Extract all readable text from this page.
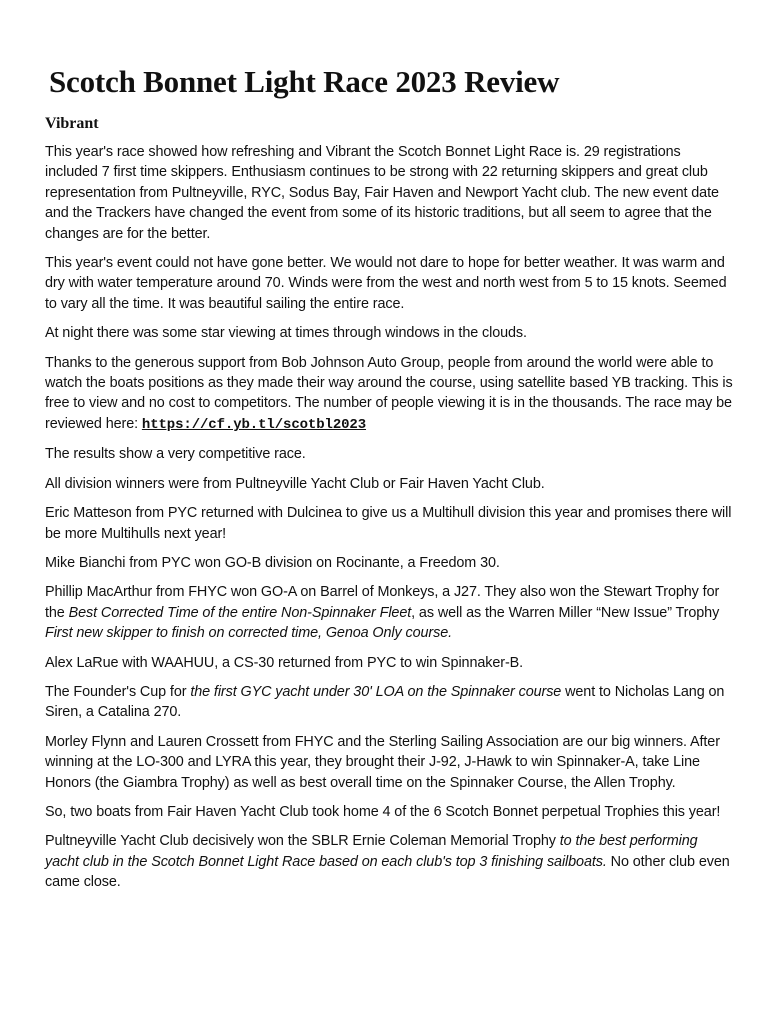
Scotch Bonnet Light Race 2023 Review
Vibrant

This year's race showed how refreshing and Vibrant the Scotch Bonnet Light Race is. 29 registrations included 7 first time skippers. Enthusiasm continues to be strong with 22 returning skippers and great club representation from Pultneyville, RYC, Sodus Bay, Fair Haven and Newport Yacht club. The new event date and the Trackers have changed the event from some of its historic traditions, but all seem to agree that the changes are for the better.

This year's event could not have gone better. We would not dare to hope for better weather. It was warm and dry with water temperature around 70. Winds were from the west and north west from 5 to 15 knots. Seemed to vary all the time. It was beautiful sailing the entire race.

At night there was some star viewing at times through windows in the clouds.

Thanks to the generous support from Bob Johnson Auto Group, people from around the world were able to watch the boats positions as they made their way around the course, using satellite based YB tracking. This is free to view and no cost to competitors. The number of people viewing it is in the thousands. The race may be reviewed here: https://cf.yb.tl/scotbl2023

The results show a very competitive race.

All division winners were from Pultneyville Yacht Club or Fair Haven Yacht Club.

Eric Matteson from PYC returned with Dulcinea to give us a Multihull division this year and promises there will be more Multihulls next year!

Mike Bianchi from PYC won GO-B division on Rocinante, a Freedom 30.

Phillip MacArthur from FHYC won GO-A on Barrel of Monkeys, a J27. They also won the Stewart Trophy for the Best Corrected Time of the entire Non-Spinnaker Fleet, as well as the Warren Miller “New Issue” Trophy First new skipper to finish on corrected time, Genoa Only course.

Alex LaRue with WAAHUU, a CS-30 returned from PYC to win Spinnaker-B.

The Founder's Cup for the first GYC yacht under 30' LOA on the Spinnaker course went to Nicholas Lang on Siren, a Catalina 270.

Morley Flynn and Lauren Crossett from FHYC and the Sterling Sailing Association are our big winners. After winning at the LO-300 and LYRA this year, they brought their J-92, J-Hawk to win Spinnaker-A, take Line Honors (the Giambra Trophy) as well as best overall time on the Spinnaker Course, the Allen Trophy.

So, two boats from Fair Haven Yacht Club took home 4 of the 6 Scotch Bonnet perpetual Trophies this year!

Pultneyville Yacht Club decisively won the SBLR Ernie Coleman Memorial Trophy to the best performing yacht club in the Scotch Bonnet Light Race based on each club's top 3 finishing sailboats. No other club even came close.
